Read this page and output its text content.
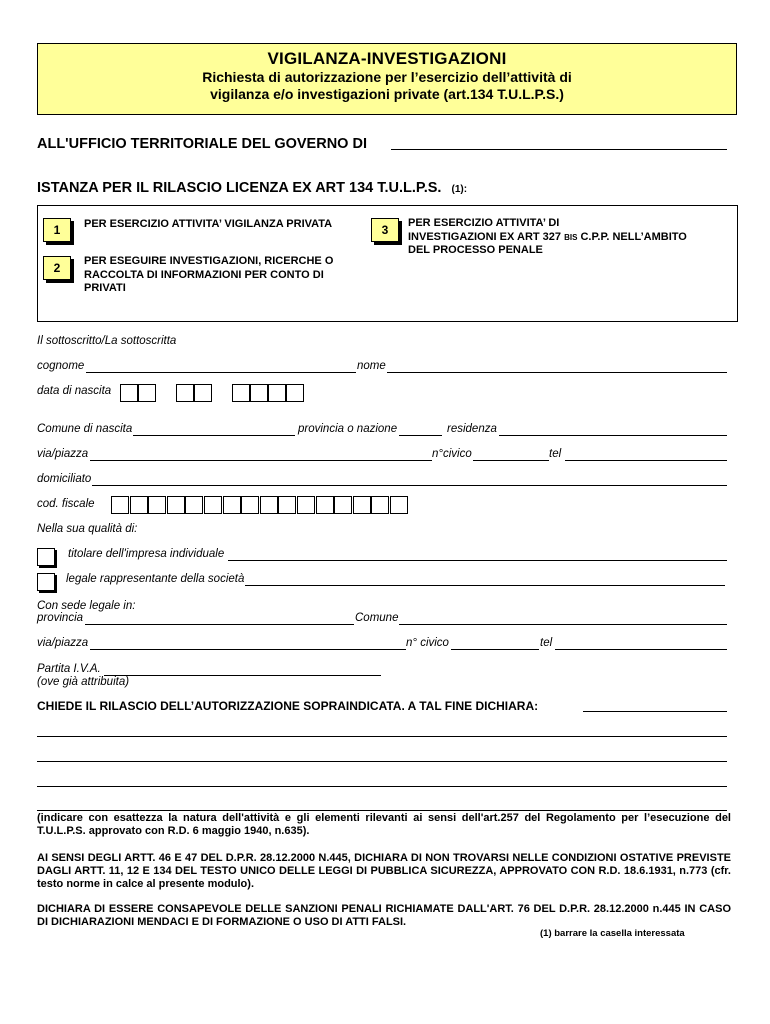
VIGILANZA-INVESTIGAZIONI
Richiesta di autorizzazione per l’esercizio dell’attività di
vigilanza e/o investigazioni private (art.134 T.U.L.P.S.)
ALL'UFFICIO TERRITORIALE DEL GOVERNO DI
ISTANZA PER IL RILASCIO LICENZA EX ART 134 T.U.L.P.S. (1):
1	PER ESERCIZIO ATTIVITA’ VIGILANZA PRIVATA
2	PER ESEGUIRE INVESTIGAZIONI, RICERCHE O RACCOLTA DI INFORMAZIONI PER CONTO DI PRIVATI
3	PER ESERCIZIO ATTIVITA’ DI
INVESTIGAZIONI EX ART 327 BIS C.P.P. NELL’AMBITO
DEL PROCESSO PENALE
Il sottoscritto/La sottoscritta
cognome	nome
data di nascita
Comune di nascita	provincia o nazione	residenza
via/piazza	n°civico	tel
domiciliato
cod. fiscale
Nella sua qualità di:
titolare dell'impresa individuale
legale rappresentante della società
Con sede legale in:
provincia	Comune
via/piazza	n° civico	tel
Partita I.V.A.
(ove già attribuita)
CHIEDE IL RILASCIO DELL’AUTORIZZAZIONE SOPRAINDICATA. A TAL FINE DICHIARA:
(indicare con esattezza la natura dell'attività e gli elementi rilevanti ai sensi dell'art.257 del Regolamento per l’esecuzione del T.U.L.P.S. approvato con R.D. 6 maggio 1940, n.635).
AI SENSI DEGLI ARTT. 46 E 47 DEL D.P.R. 28.12.2000 N.445, DICHIARA DI NON TROVARSI NELLE CONDIZIONI OSTATIVE PREVISTE DAGLI ARTT. 11, 12 E 134 DEL TESTO UNICO DELLE LEGGI DI PUBBLICA SICUREZZA, APPROVATO CON R.D. 18.6.1931, n.773 (cfr. testo norme in calce al presente modulo).
DICHIARA DI ESSERE CONSAPEVOLE DELLE SANZIONI PENALI RICHIAMATE DALL'ART. 76 DEL D.P.R. 28.12.2000 n.445 IN CASO DI DICHIARAZIONI MENDACI E DI FORMAZIONE O USO DI ATTI FALSI.
(1) barrare la casella interessata
